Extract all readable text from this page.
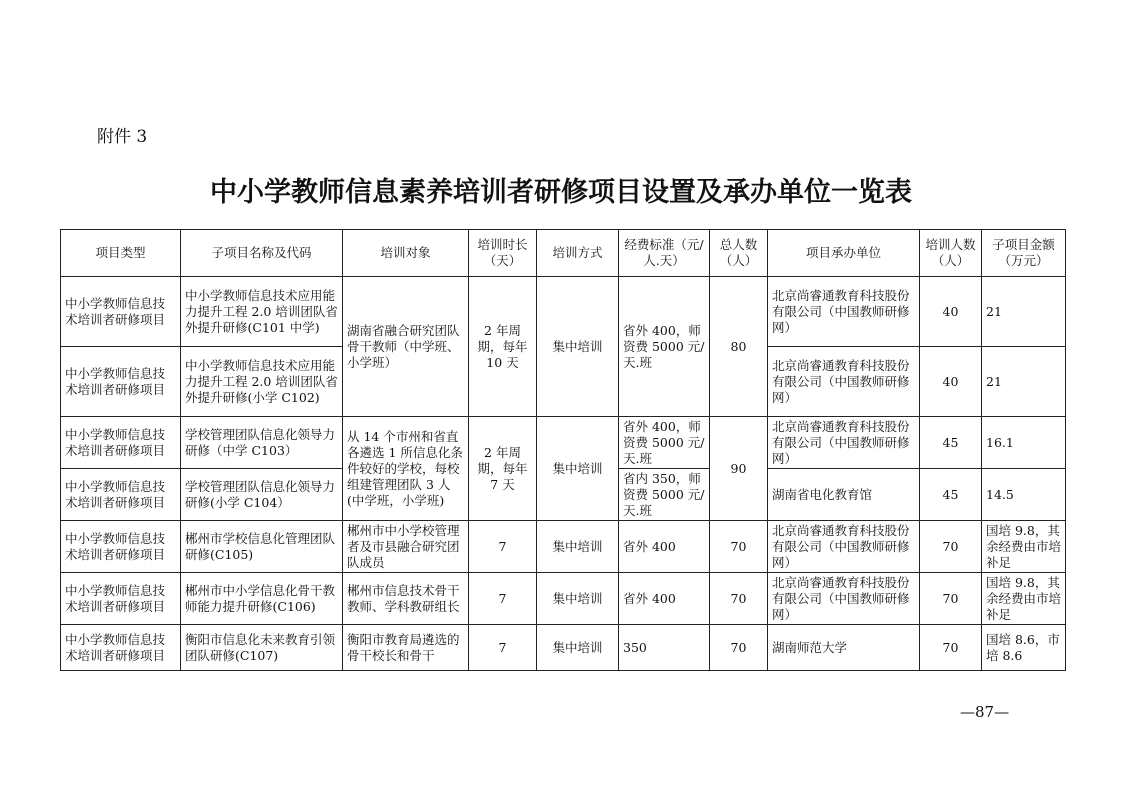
附件 3
中小学教师信息素养培训者研修项目设置及承办单位一览表
项目类型	子项目名称及代码	培训对象	培训时长（天）	培训方式	经费标准（元/人.天）	总人数（人）	项目承办单位	培训人数（人）	子项目金额（万元）
中小学教师信息技术培训者研修项目	中小学教师信息技术应用能力提升工程 2.0 培训团队省外提升研修(C101 中学)	湖南省融合研究团队骨干教师（中学班、小学班）	2 年周期，每年 10 天	集中培训	省外 400，师资费 5000 元/天.班	80	北京尚睿通教育科技股份有限公司（中国教师研修网）	40	21
中小学教师信息技术培训者研修项目	中小学教师信息技术应用能力提升工程 2.0 培训团队省外提升研修(小学 C102)						北京尚睿通教育科技股份有限公司（中国教师研修网）	40	21
中小学教师信息技术培训者研修项目	学校管理团队信息化领导力研修（中学 C103）	从 14 个市州和省直各遴选 1 所信息化条件较好的学校，每校组建管理团队 3 人(中学班，小学班)	2 年周期，每年 7 天	集中培训	省外 400，师资费 5000 元/天.班	90	北京尚睿通教育科技股份有限公司（中国教师研修网）	45	16.1
中小学教师信息技术培训者研修项目	学校管理团队信息化领导力研修(小学 C104）				省内 350，师资费 5000 元/天.班		湖南省电化教育馆	45	14.5
中小学教师信息技术培训者研修项目	郴州市学校信息化管理团队研修(C105)	郴州市中小学校管理者及市县融合研究团队成员	7	集中培训	省外 400	70	北京尚睿通教育科技股份有限公司（中国教师研修网）	70	国培 9.8，其余经费由市培补足
中小学教师信息技术培训者研修项目	郴州市中小学信息化骨干教师能力提升研修(C106)	郴州市信息技术骨干教师、学科教研组长	7	集中培训	省外 400	70	北京尚睿通教育科技股份有限公司（中国教师研修网）	70	国培 9.8，其余经费由市培补足
中小学教师信息技术培训者研修项目	衡阳市信息化未来教育引领团队研修(C107)	衡阳市教育局遴选的骨干校长和骨干	7	集中培训	350	70	湖南师范大学	70	国培 8.6，市培 8.6
—87—
